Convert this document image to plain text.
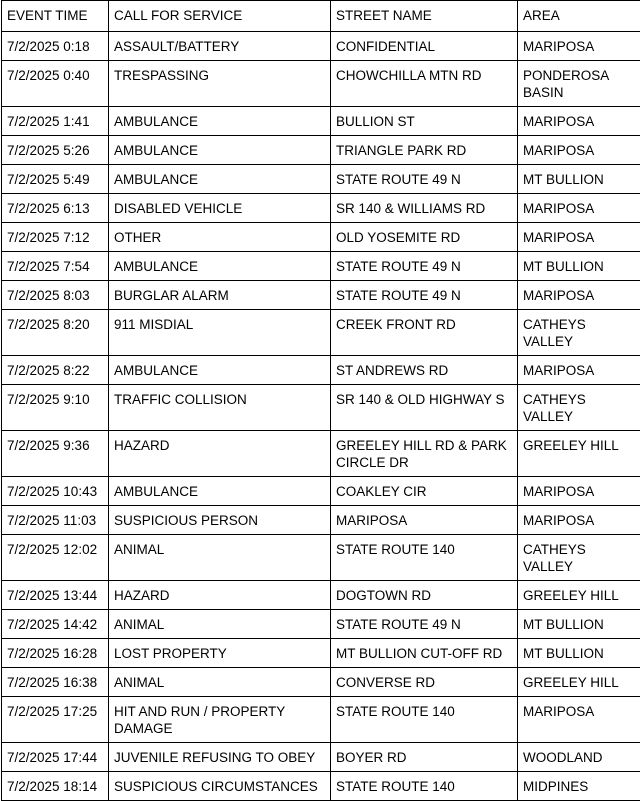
EVENT TIME	CALL FOR SERVICE	STREET NAME	AREA
7/2/2025 0:18	ASSAULT/BATTERY	CONFIDENTIAL	MARIPOSA
7/2/2025 0:40	TRESPASSING	CHOWCHILLA MTN RD	PONDEROSA BASIN
7/2/2025 1:41	AMBULANCE	BULLION ST	MARIPOSA
7/2/2025 5:26	AMBULANCE	TRIANGLE PARK RD	MARIPOSA
7/2/2025 5:49	AMBULANCE	STATE ROUTE 49 N	MT BULLION
7/2/2025 6:13	DISABLED VEHICLE	SR 140 & WILLIAMS RD	MARIPOSA
7/2/2025 7:12	OTHER	OLD YOSEMITE RD	MARIPOSA
7/2/2025 7:54	AMBULANCE	STATE ROUTE 49 N	MT BULLION
7/2/2025 8:03	BURGLAR ALARM	STATE ROUTE 49 N	MARIPOSA
7/2/2025 8:20	911 MISDIAL	CREEK FRONT RD	CATHEYS VALLEY
7/2/2025 8:22	AMBULANCE	ST ANDREWS RD	MARIPOSA
7/2/2025 9:10	TRAFFIC COLLISION	SR 140 & OLD HIGHWAY S	CATHEYS VALLEY
7/2/2025 9:36	HAZARD	GREELEY HILL RD & PARK CIRCLE DR	GREELEY HILL
7/2/2025 10:43	AMBULANCE	COAKLEY CIR	MARIPOSA
7/2/2025 11:03	SUSPICIOUS PERSON	MARIPOSA	MARIPOSA
7/2/2025 12:02	ANIMAL	STATE ROUTE 140	CATHEYS VALLEY
7/2/2025 13:44	HAZARD	DOGTOWN RD	GREELEY HILL
7/2/2025 14:42	ANIMAL	STATE ROUTE 49 N	MT BULLION
7/2/2025 16:28	LOST PROPERTY	MT BULLION CUT-OFF RD	MT BULLION
7/2/2025 16:38	ANIMAL	CONVERSE RD	GREELEY HILL
7/2/2025 17:25	HIT AND RUN / PROPERTY DAMAGE	STATE ROUTE 140	MARIPOSA
7/2/2025 17:44	JUVENILE REFUSING TO OBEY	BOYER RD	WOODLAND
7/2/2025 18:14	SUSPICIOUS CIRCUMSTANCES	STATE ROUTE 140	MIDPINES
